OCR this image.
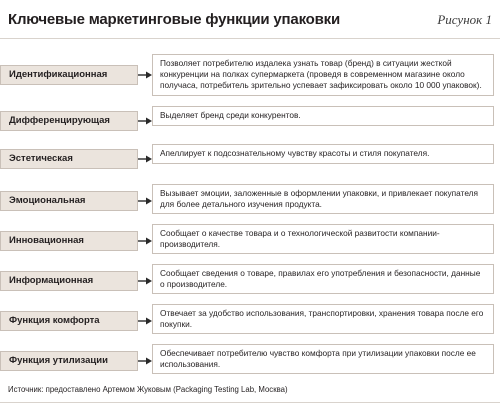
Ключевые маркетинговые функции упаковки	Рисунок 1
Позволяет потребителю издалека узнать товар (бренд) в ситуации жесткой конкуренции на полках супермаркета (проведя в современном магазине около получаса, потребитель зрительно успевает зафиксировать около 10 000 упаковок).
Идентификационная
Выделяет бренд среди конкурентов.
Дифференцирующая
Апеллирует к подсознательному чувству красоты и стиля покупателя.
Эстетическая
Вызывает эмоции, заложенные в оформлении упаковки, и привлекает покупателя для более детального изучения продукта.
Эмоциональная
Сообщает о качестве товара и о технологической развитости компании-производителя.
Инновационная
Сообщает сведения о товаре, правилах его употребления и безопасности, данные о производителе.
Информационная
Отвечает за удобство использования, транспортировки, хранения товара после его покупки.
Функция комфорта
Обеспечивает потребителю чувство комфорта при утилизации упаковки после ее использования.
Функция утилизации
Источник: предоставлено Артемом Жуковым (Packaging Testing Lab, Москва)
